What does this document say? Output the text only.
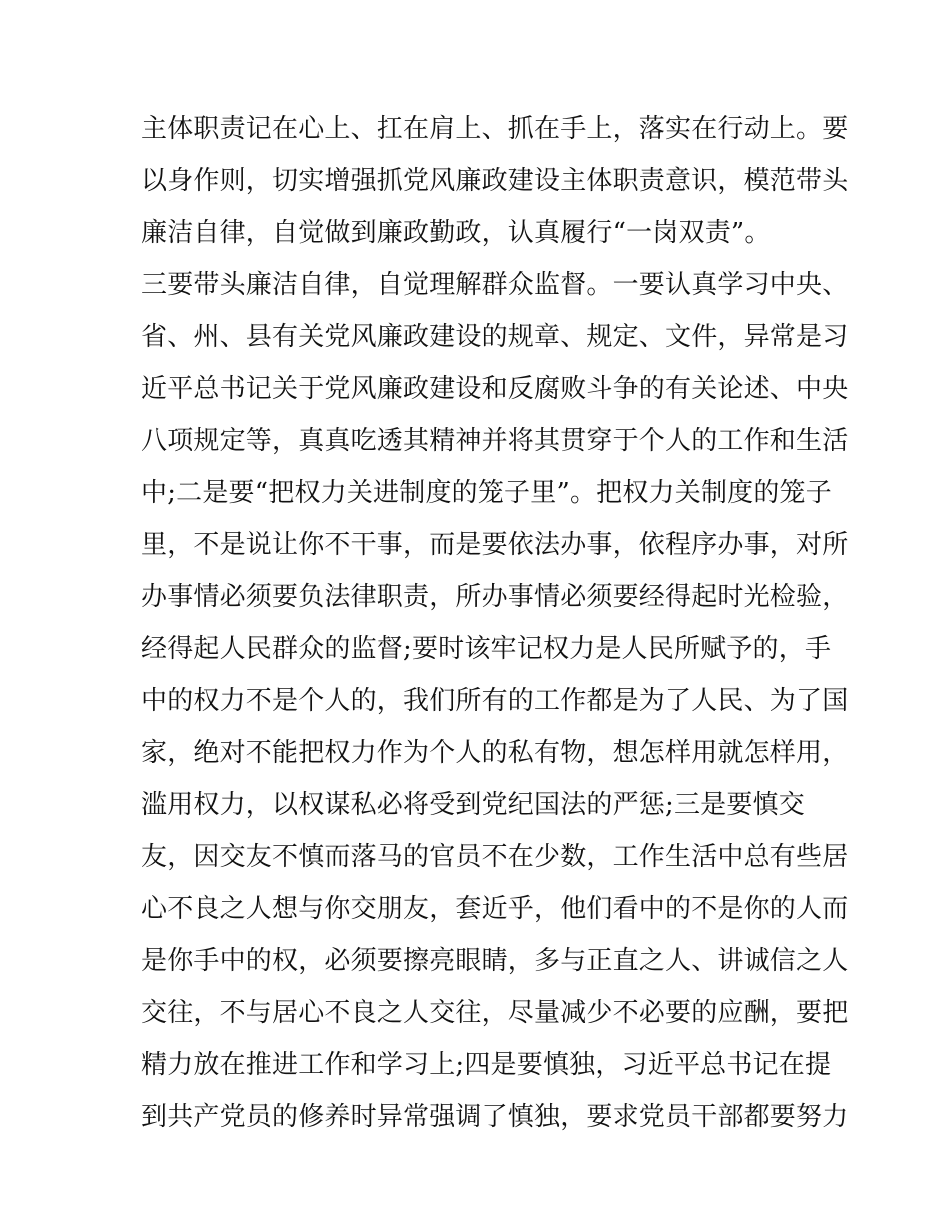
主体职责记在心上、扛在肩上、抓在手上，落实在行动上。要
以身作则，切实增强抓党风廉政建设主体职责意识，模范带头
廉洁自律，自觉做到廉政勤政，认真履行“一岗双责”。
三要带头廉洁自律，自觉理解群众监督。一要认真学习中央、
省、州、县有关党风廉政建设的规章、规定、文件，异常是习
近平总书记关于党风廉政建设和反腐败斗争的有关论述、中央
八项规定等，真真吃透其精神并将其贯穿于个人的工作和生活
中;二是要“把权力关进制度的笼子里”。把权力关制度的笼子
里，不是说让你不干事，而是要依法办事，依程序办事，对所
办事情必须要负法律职责，所办事情必须要经得起时光检验，
经得起人民群众的监督;要时该牢记权力是人民所赋予的，手
中的权力不是个人的，我们所有的工作都是为了人民、为了国
家，绝对不能把权力作为个人的私有物，想怎样用就怎样用，
滥用权力，以权谋私必将受到党纪国法的严惩;三是要慎交
友，因交友不慎而落马的官员不在少数，工作生活中总有些居
心不良之人想与你交朋友，套近乎，他们看中的不是你的人而
是你手中的权，必须要擦亮眼睛，多与正直之人、讲诚信之人
交往，不与居心不良之人交往，尽量减少不必要的应酬，要把
精力放在推进工作和学习上;四是要慎独，习近平总书记在提
到共产党员的修养时异常强调了慎独，要求党员干部都要努力
